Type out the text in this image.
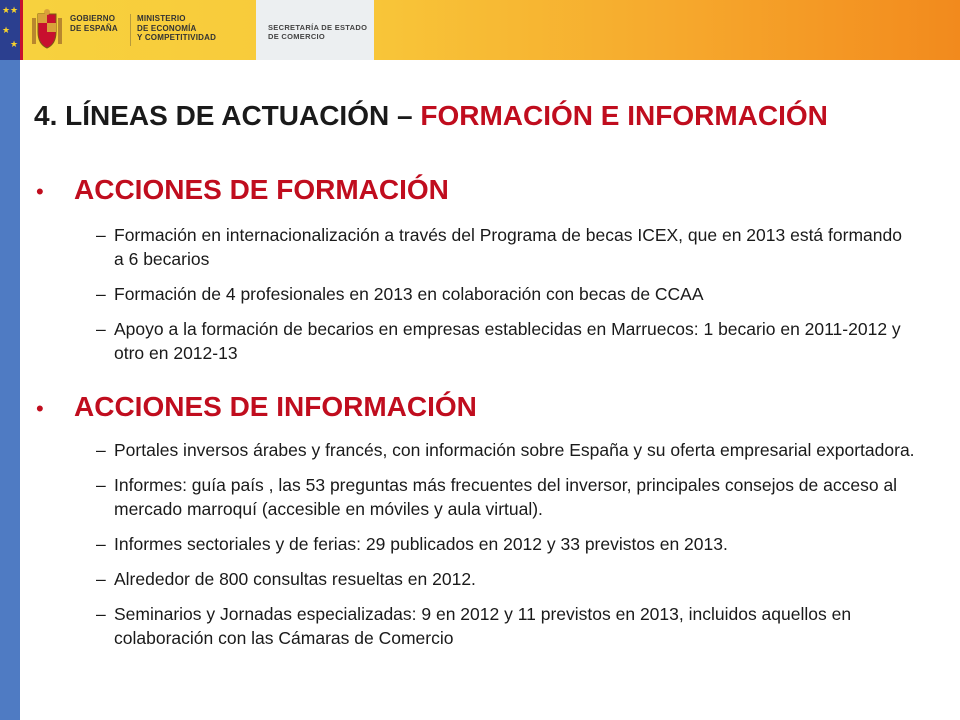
★ ★
★
★
GOBIERNO
DE ESPAÑA
MINISTERIO
DE ECONOMÍA
Y COMPETITIVIDAD
SECRETARÍA DE ESTADO
DE COMERCIO
4. LÍNEAS DE ACTUACIÓN – FORMACIÓN E INFORMACIÓN
• ACCIONES DE FORMACIÓN
– Formación en internacionalización a través del Programa de becas ICEX, que en 2013 está formando a 6 becarios
– Formación de 4 profesionales en 2013 en colaboración con becas de CCAA
– Apoyo a la formación de becarios en empresas establecidas en Marruecos: 1 becario en 2011-2012 y otro en 2012-13
• ACCIONES DE INFORMACIÓN
– Portales inversos árabes y francés, con información sobre España y su oferta empresarial exportadora.
– Informes: guía país , las 53 preguntas más frecuentes del inversor, principales consejos de acceso al mercado marroquí (accesible en móviles y aula virtual).
– Informes sectoriales y de ferias: 29 publicados en 2012 y 33 previstos en 2013.
– Alrededor de 800 consultas resueltas en 2012.
– Seminarios y Jornadas especializadas: 9 en 2012 y 11 previstos en 2013, incluidos aquellos en colaboración con las Cámaras de Comercio
